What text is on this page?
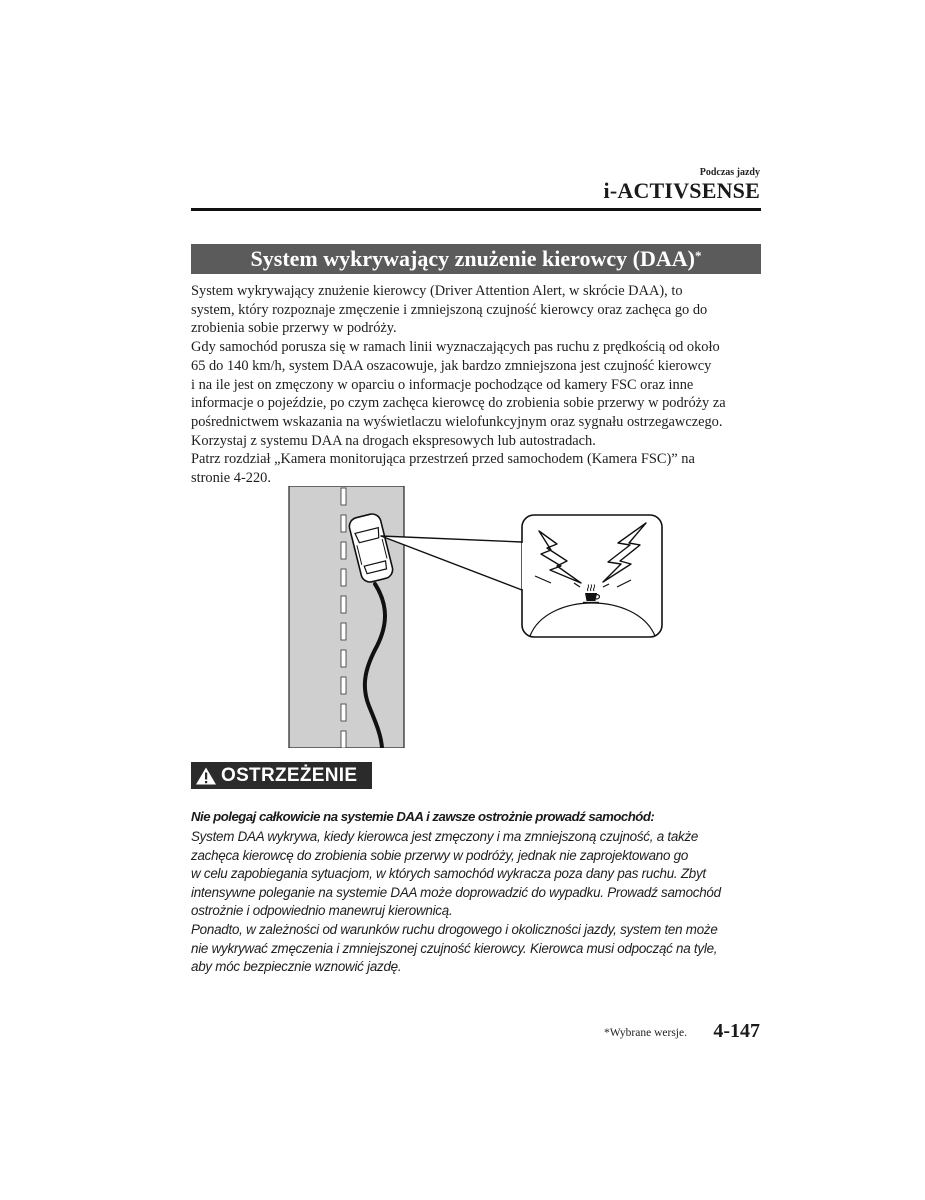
Podczas jazdy
i-ACTIVSENSE
System wykrywający znużenie kierowcy (DAA)*

System wykrywający znużenie kierowcy (Driver Attention Alert, w skrócie DAA), to

system, który rozpoznaje zmęczenie i zmniejszoną czujność kierowcy oraz zachęca go do

zrobienia sobie przerwy w podróży.

Gdy samochód porusza się w ramach linii wyznaczających pas ruchu z prędkością od około

65 do 140 km/h, system DAA oszacowuje, jak bardzo zmniejszona jest czujność kierowcy

i na ile jest on zmęczony w oparciu o informacje pochodzące od kamery FSC oraz inne

informacje o pojeździe, po czym zachęca kierowcę do zrobienia sobie przerwy w podróży za

pośrednictwem wskazania na wyświetlaczu wielofunkcyjnym oraz sygnału ostrzegawczego.

Korzystaj z systemu DAA na drogach ekspresowych lub autostradach.

Patrz rozdział „Kamera monitorująca przestrzeń przed samochodem (Kamera FSC)” na

stronie 4-220.

OSTRZEŻENIE
Nie polegaj całkowicie na systemie DAA i zawsze ostrożnie prowadź samochód:

System DAA wykrywa, kiedy kierowca jest zmęczony i ma zmniejszoną czujność, a także

zachęca kierowcę do zrobienia sobie przerwy w podróży, jednak nie zaprojektowano go

w celu zapobiegania sytuacjom, w których samochód wykracza poza dany pas ruchu. Zbyt

intensywne poleganie na systemie DAA może doprowadzić do wypadku. Prowadź samochód

ostrożnie i odpowiednio manewruj kierownicą.

Ponadto, w zależności od warunków ruchu drogowego i okoliczności jazdy, system ten może

nie wykrywać zmęczenia i zmniejszonej czujność kierowcy. Kierowca musi odpocząć na tyle,

aby móc bezpiecznie wznowić jazdę.

*Wybrane wersje. 4-147
